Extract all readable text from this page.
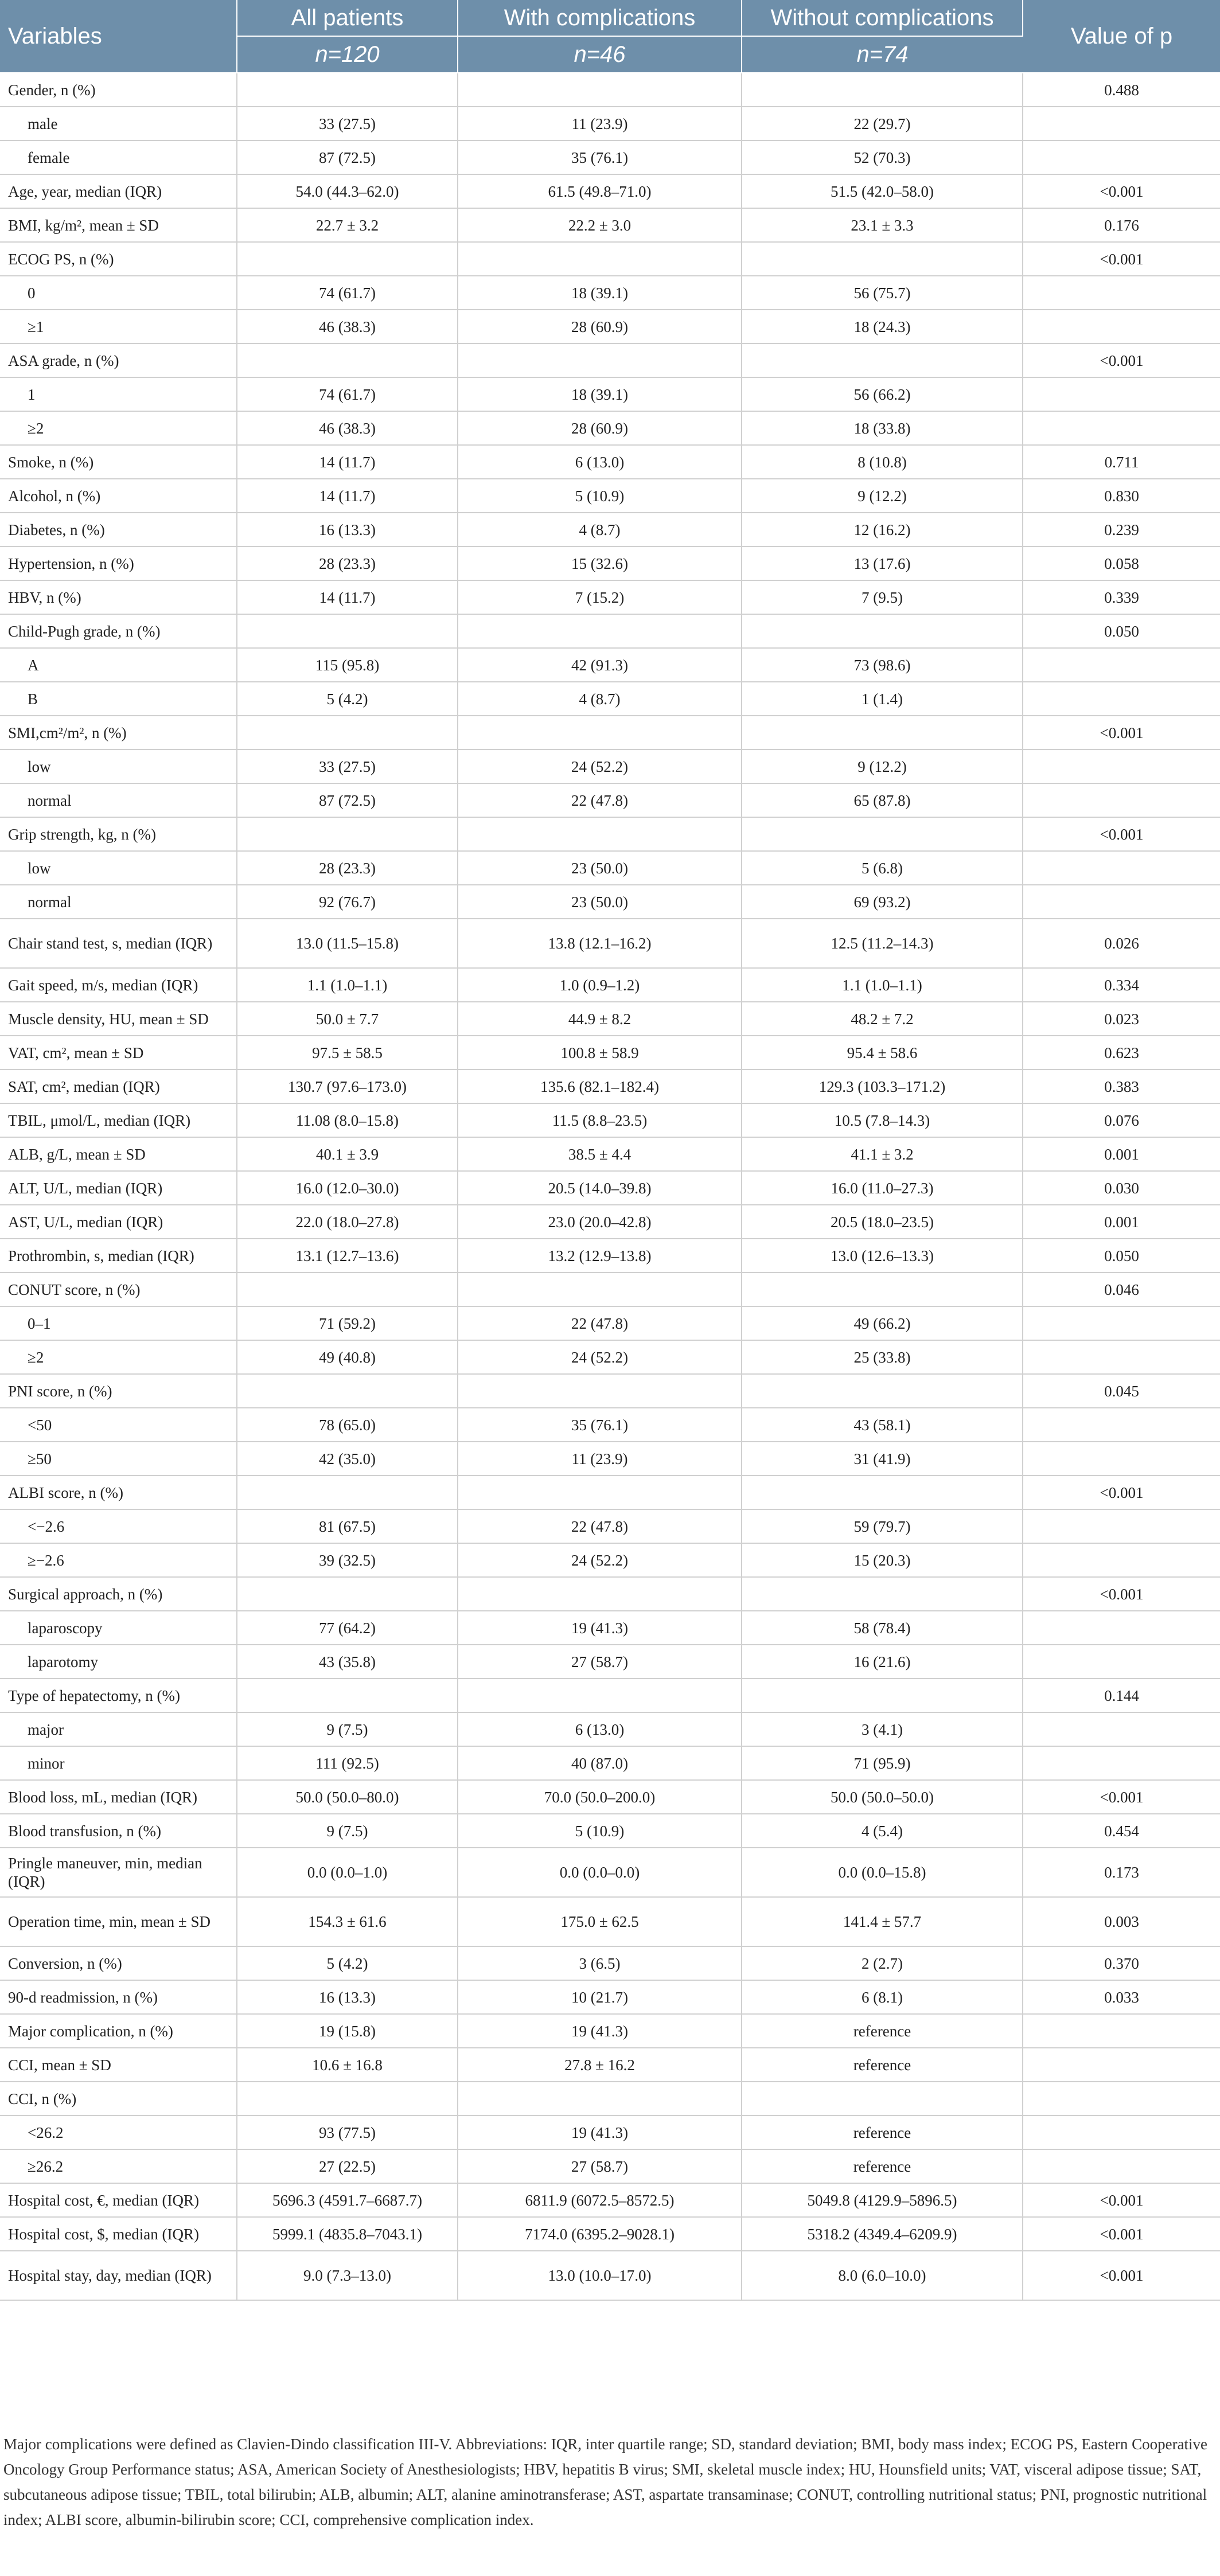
Variables	All patients	With complications	Without complications	Value of p
	n=120	n=46	n=74	
Gender, n (%)				0.488
male	33 (27.5)	11 (23.9)	22 (29.7)	
female	87 (72.5)	35 (76.1)	52 (70.3)	
Age, year, median (IQR)	54.0 (44.3–62.0)	61.5 (49.8–71.0)	51.5 (42.0–58.0)	<0.001
BMI, kg/m², mean ± SD	22.7 ± 3.2	22.2 ± 3.0	23.1 ± 3.3	0.176
ECOG PS, n (%)				<0.001
0	74 (61.7)	18 (39.1)	56 (75.7)	
≥1	46 (38.3)	28 (60.9)	18 (24.3)	
ASA grade, n (%)				<0.001
1	74 (61.7)	18 (39.1)	56 (66.2)	
≥2	46 (38.3)	28 (60.9)	18 (33.8)	
Smoke, n (%)	14 (11.7)	6 (13.0)	8 (10.8)	0.711
Alcohol, n (%)	14 (11.7)	5 (10.9)	9 (12.2)	0.830
Diabetes, n (%)	16 (13.3)	4 (8.7)	12 (16.2)	0.239
Hypertension, n (%)	28 (23.3)	15 (32.6)	13 (17.6)	0.058
HBV, n (%)	14 (11.7)	7 (15.2)	7 (9.5)	0.339
Child-Pugh grade, n (%)				0.050
A	115 (95.8)	42 (91.3)	73 (98.6)	
B	5 (4.2)	4 (8.7)	1 (1.4)	
SMI,cm²/m², n (%)				<0.001
low	33 (27.5)	24 (52.2)	9 (12.2)	
normal	87 (72.5)	22 (47.8)	65 (87.8)	
Grip strength, kg, n (%)				<0.001
low	28 (23.3)	23 (50.0)	5 (6.8)	
normal	92 (76.7)	23 (50.0)	69 (93.2)	
Chair stand test, s, median (IQR)	13.0 (11.5–15.8)	13.8 (12.1–16.2)	12.5 (11.2–14.3)	0.026
Gait speed, m/s, median (IQR)	1.1 (1.0–1.1)	1.0 (0.9–1.2)	1.1 (1.0–1.1)	0.334
Muscle density, HU, mean ± SD	50.0 ± 7.7	44.9 ± 8.2	48.2 ± 7.2	0.023
VAT, cm², mean ± SD	97.5 ± 58.5	100.8 ± 58.9	95.4 ± 58.6	0.623
SAT, cm², median (IQR)	130.7 (97.6–173.0)	135.6 (82.1–182.4)	129.3 (103.3–171.2)	0.383
TBIL, μmol/L, median (IQR)	11.08 (8.0–15.8)	11.5 (8.8–23.5)	10.5 (7.8–14.3)	0.076
ALB, g/L, mean ± SD	40.1 ± 3.9	38.5 ± 4.4	41.1 ± 3.2	0.001
ALT, U/L, median (IQR)	16.0 (12.0–30.0)	20.5 (14.0–39.8)	16.0 (11.0–27.3)	0.030
AST, U/L, median (IQR)	22.0 (18.0–27.8)	23.0 (20.0–42.8)	20.5 (18.0–23.5)	0.001
Prothrombin, s, median (IQR)	13.1 (12.7–13.6)	13.2 (12.9–13.8)	13.0 (12.6–13.3)	0.050
CONUT score, n (%)				0.046
0–1	71 (59.2)	22 (47.8)	49 (66.2)	
≥2	49 (40.8)	24 (52.2)	25 (33.8)	
PNI score, n (%)				0.045
<50	78 (65.0)	35 (76.1)	43 (58.1)	
≥50	42 (35.0)	11 (23.9)	31 (41.9)	
ALBI score, n (%)				<0.001
<−2.6	81 (67.5)	22 (47.8)	59 (79.7)	
≥−2.6	39 (32.5)	24 (52.2)	15 (20.3)	
Surgical approach, n (%)				<0.001
laparoscopy	77 (64.2)	19 (41.3)	58 (78.4)	
laparotomy	43 (35.8)	27 (58.7)	16 (21.6)	
Type of hepatectomy, n (%)				0.144
major	9 (7.5)	6 (13.0)	3 (4.1)	
minor	111 (92.5)	40 (87.0)	71 (95.9)	
Blood loss, mL, median (IQR)	50.0 (50.0–80.0)	70.0 (50.0–200.0)	50.0 (50.0–50.0)	<0.001
Blood transfusion, n (%)	9 (7.5)	5 (10.9)	4 (5.4)	0.454
Pringle maneuver, min, median (IQR)	0.0 (0.0–1.0)	0.0 (0.0–0.0)	0.0 (0.0–15.8)	0.173
Operation time, min, mean ± SD	154.3 ± 61.6	175.0 ± 62.5	141.4 ± 57.7	0.003
Conversion, n (%)	5 (4.2)	3 (6.5)	2 (2.7)	0.370
90-d readmission, n (%)	16 (13.3)	10 (21.7)	6 (8.1)	0.033
Major complication, n (%)	19 (15.8)	19 (41.3)	reference	
CCI, mean ± SD	10.6 ± 16.8	27.8 ± 16.2	reference	
CCI, n (%)				
<26.2	93 (77.5)	19 (41.3)	reference	
≥26.2	27 (22.5)	27 (58.7)	reference	
Hospital cost, €, median (IQR)	5696.3 (4591.7–6687.7)	6811.9 (6072.5–8572.5)	5049.8 (4129.9–5896.5)	<0.001
Hospital cost, $, median (IQR)	5999.1 (4835.8–7043.1)	7174.0 (6395.2–9028.1)	5318.2 (4349.4–6209.9)	<0.001
Hospital stay, day, median (IQR)	9.0 (7.3–13.0)	13.0 (10.0–17.0)	8.0 (6.0–10.0)	<0.001

Major complications were defined as Clavien-Dindo classification III-V. Abbreviations: IQR, inter quartile range; SD, standard deviation; BMI, body mass index; ECOG PS, Eastern Cooperative Oncology Group Performance status; ASA, American Society of Anesthesiologists; HBV, hepatitis B virus; SMI, skeletal muscle index; HU, Hounsfield units; VAT, visceral adipose tissue; SAT, subcutaneous adipose tissue; TBIL, total bilirubin; ALB, albumin; ALT, alanine aminotransferase; AST, aspartate transaminase; CONUT, controlling nutritional status; PNI, prognostic nutritional index; ALBI score, albumin-bilirubin score; CCI, comprehensive complication index.
